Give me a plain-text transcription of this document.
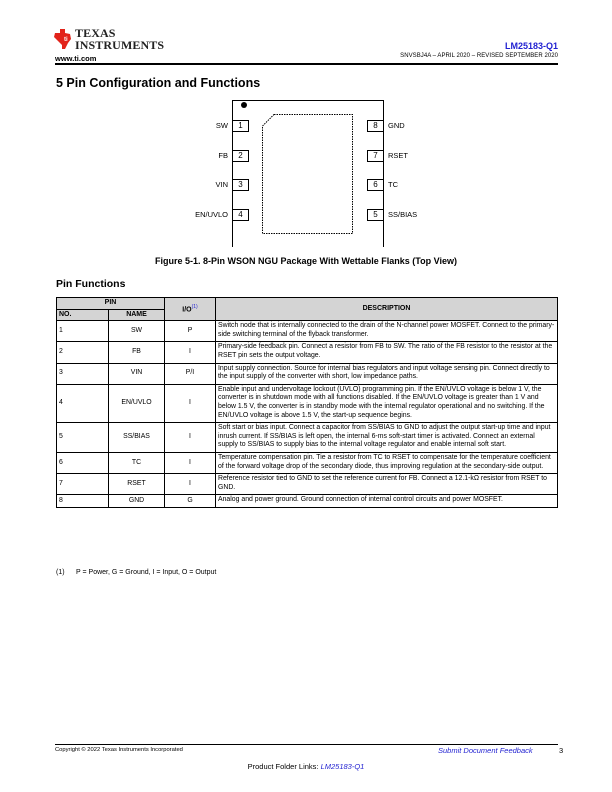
ti TEXAS
INSTRUMENTS
www.ti.com
LM25183-Q1
SNVSBJ4A – APRIL 2020 – REVISED SEPTEMBER 2020
5 Pin Configuration and Functions
SW	1
FB	2
VIN	3
EN/UVLO	4
8	GND
7	RSET
6	TC
5	SS/BIAS
Figure 5-1. 8-Pin WSON NGU Package With Wettable Flanks (Top View)
Pin Functions
PIN		$I/O^{(1)}$	DESCRIPTION
NO.	NAME		
1	SW	P	Switch node that is internally connected to the drain of the N-channel power MOSFET. Connect to the primary-side switching terminal of the flyback transformer.
2	FB	I	Primary-side feedback pin. Connect a resistor from FB to SW. The ratio of the FB resistor to the resistor at the RSET pin sets the output voltage.
3	VIN	P/I	Input supply connection. Source for internal bias regulators and input voltage sensing pin. Connect directly to the input supply of the converter with short, low impedance paths.
4	EN/UVLO	I	Enable input and undervoltage lockout (UVLO) programming pin. If the EN/UVLO voltage is below 1 V, the converter is in shutdown mode with all functions disabled. If the EN/UVLO voltage is greater than 1 V and below 1.5 V, the converter is in standby mode with the internal regulator operational and no switching. If the EN/UVLO voltage is above 1.5 V, the start-up sequence begins.
5	SS/BIAS	I	Soft start or bias input. Connect a capacitor from SS/BIAS to GND to adjust the output start-up time and input inrush current. If SS/BIAS is left open, the internal 6-ms soft-start timer is activated. Connect an external supply to SS/BIAS to supply bias to the internal voltage regulator and enable internal soft start.
6	TC	I	Temperature compensation pin. Tie a resistor from TC to RSET to compensate for the temperature coefficient of the forward voltage drop of the secondary diode, thus improving regulation at the secondary-side output.
7	RSET	I	Reference resistor tied to GND to set the reference current for FB. Connect a 12.1-kΩ resistor from RSET to GND.
8	GND	G	Analog and power ground. Ground connection of internal control circuits and power MOSFET.
(1) P = Power, G = Ground, I = Input, O = Output
Copyright © 2022 Texas Instruments Incorporated	Submit Document Feedback	3
Product Folder Links: LM25183-Q1
